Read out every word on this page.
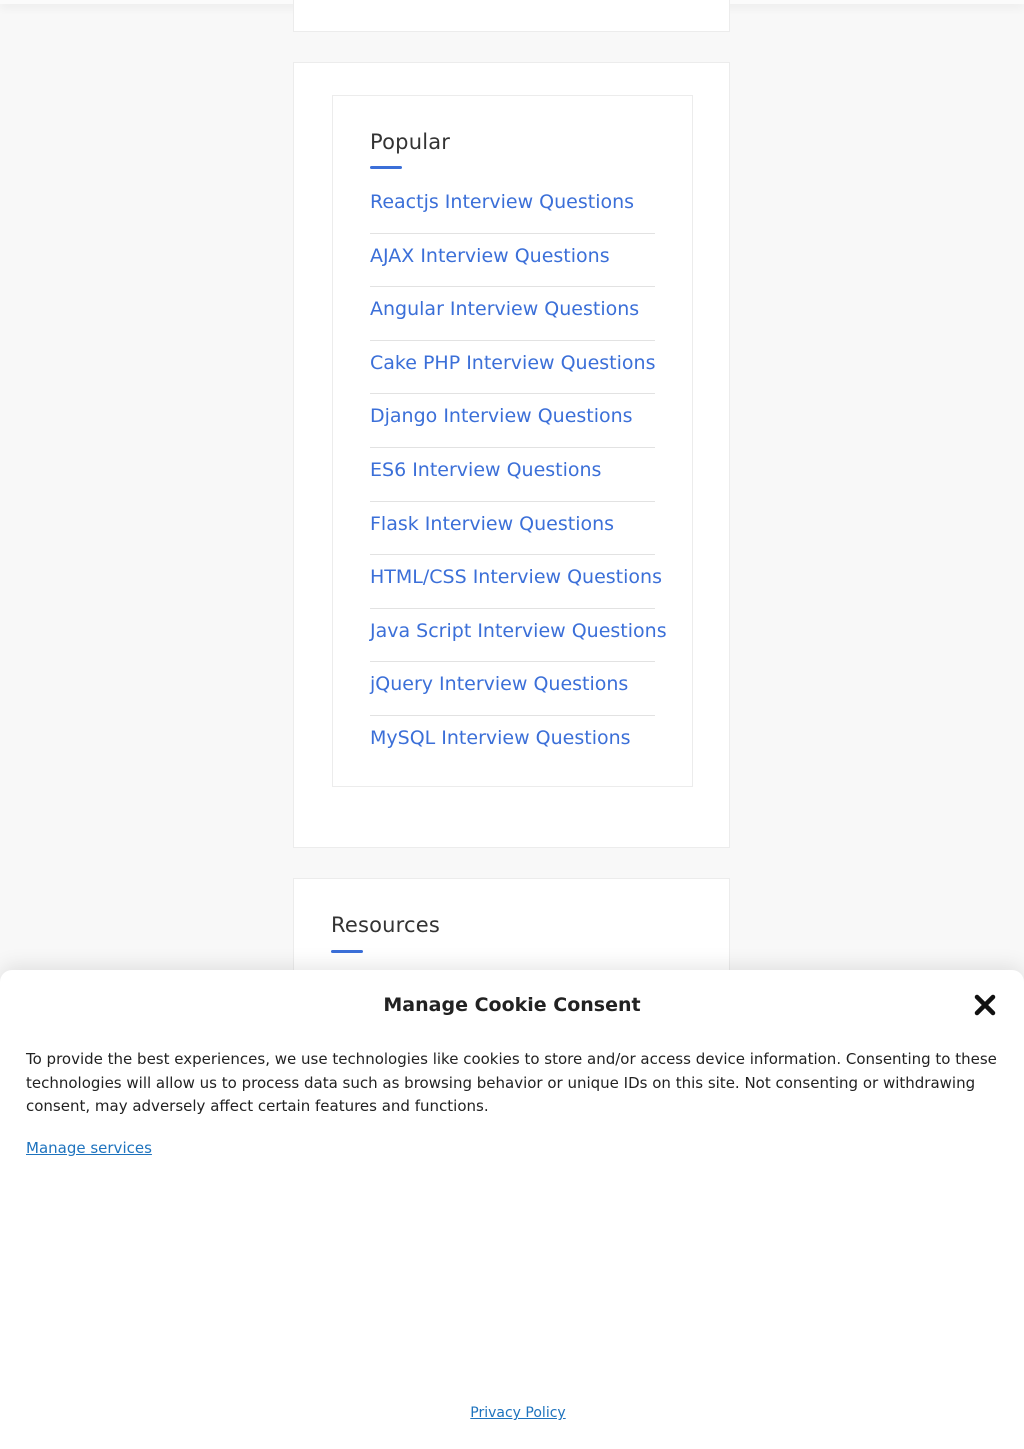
Popular
Reactjs Interview Questions
AJAX Interview Questions
Angular Interview Questions
Cake PHP Interview Questions
Django Interview Questions
ES6 Interview Questions
Flask Interview Questions
HTML/CSS Interview Questions
Java Script Interview Questions
jQuery Interview Questions
MySQL Interview Questions
Resources
Manage Cookie Consent

To provide the best experiences, we use technologies like cookies to store and/or access device information. Consenting to these technologies will allow us to process data such as browsing behavior or unique IDs on this site. Not consenting or withdrawing consent, may adversely affect certain features and functions.

Manage services
Privacy Policy
